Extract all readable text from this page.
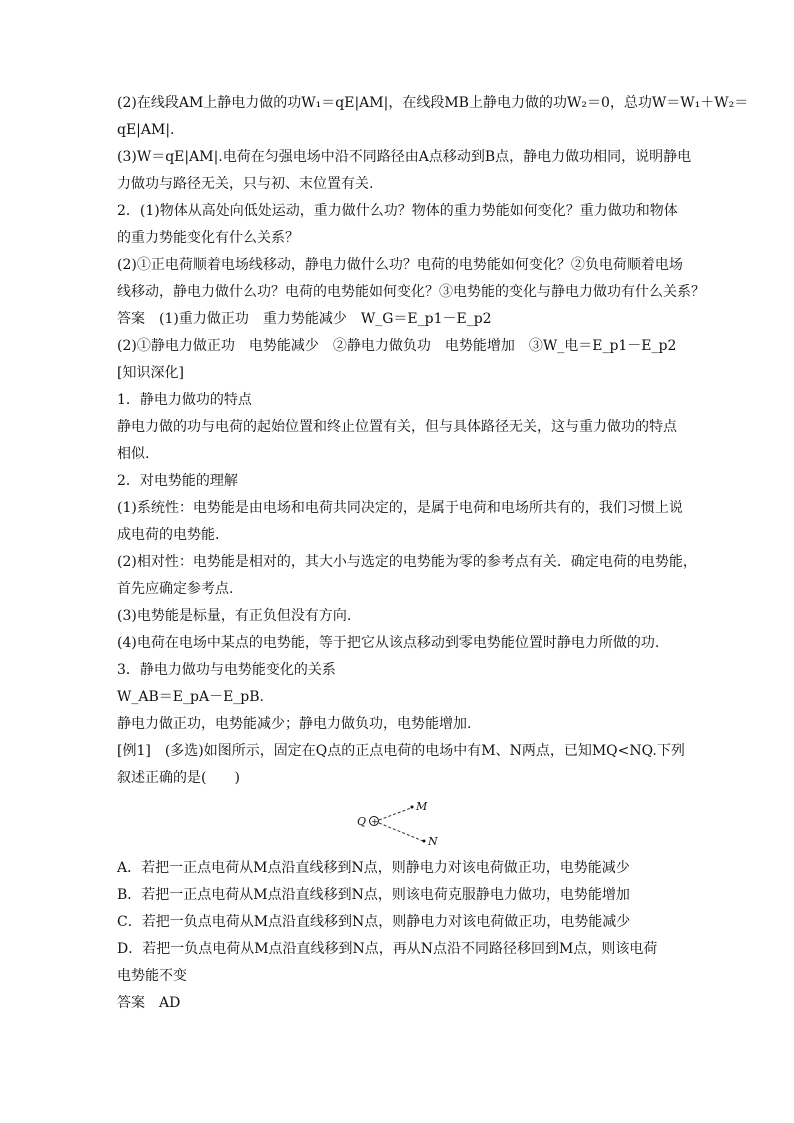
(2)在线段AM上静电力做的功W₁＝qE|AM|，在线段MB上静电力做的功W₂＝0，总功W＝W₁＋W₂＝
qE|AM|.
(3)W＝qE|AM|.电荷在匀强电场中沿不同路径由A点移动到B点，静电力做功相同，说明静电
力做功与路径无关，只与初、末位置有关.
2．(1)物体从高处向低处运动，重力做什么功？物体的重力势能如何变化？重力做功和物体
的重力势能变化有什么关系？
(2)①正电荷顺着电场线移动，静电力做什么功？电荷的电势能如何变化？②负电荷顺着电场
线移动，静电力做什么功？电荷的电势能如何变化？③电势能的变化与静电力做功有什么关系？
答案　(1)重力做正功　重力势能减少　W_G＝E_p1－E_p2
(2)①静电力做正功　电势能减少　②静电力做负功　电势能增加　③W_电＝E_p1－E_p2
[知识深化]
1．静电力做功的特点
静电力做的功与电荷的起始位置和终止位置有关，但与具体路径无关，这与重力做功的特点
相似.
2．对电势能的理解
(1)系统性：电势能是由电场和电荷共同决定的，是属于电荷和电场所共有的，我们习惯上说
成电荷的电势能.
(2)相对性：电势能是相对的，其大小与选定的电势能为零的参考点有关．确定电荷的电势能，
首先应确定参考点.
(3)电势能是标量，有正负但没有方向.
(4)电荷在电场中某点的电势能，等于把它从该点移动到零电势能位置时静电力所做的功.
3．静电力做功与电势能变化的关系
W_AB＝E_pA－E_pB.
静电力做正功，电势能减少；静电力做负功，电势能增加.
[例1]　(多选)如图所示，固定在Q点的正点电荷的电场中有M、N两点，已知MQ<NQ.下列
叙述正确的是(　　)
Q +
M
N
A．若把一正点电荷从M点沿直线移到N点，则静电力对该电荷做正功，电势能减少
B．若把一正点电荷从M点沿直线移到N点，则该电荷克服静电力做功，电势能增加
C．若把一负点电荷从M点沿直线移到N点，则静电力对该电荷做正功，电势能减少
D．若把一负点电荷从M点沿直线移到N点，再从N点沿不同路径移回到M点，则该电荷
电势能不变
答案　AD
